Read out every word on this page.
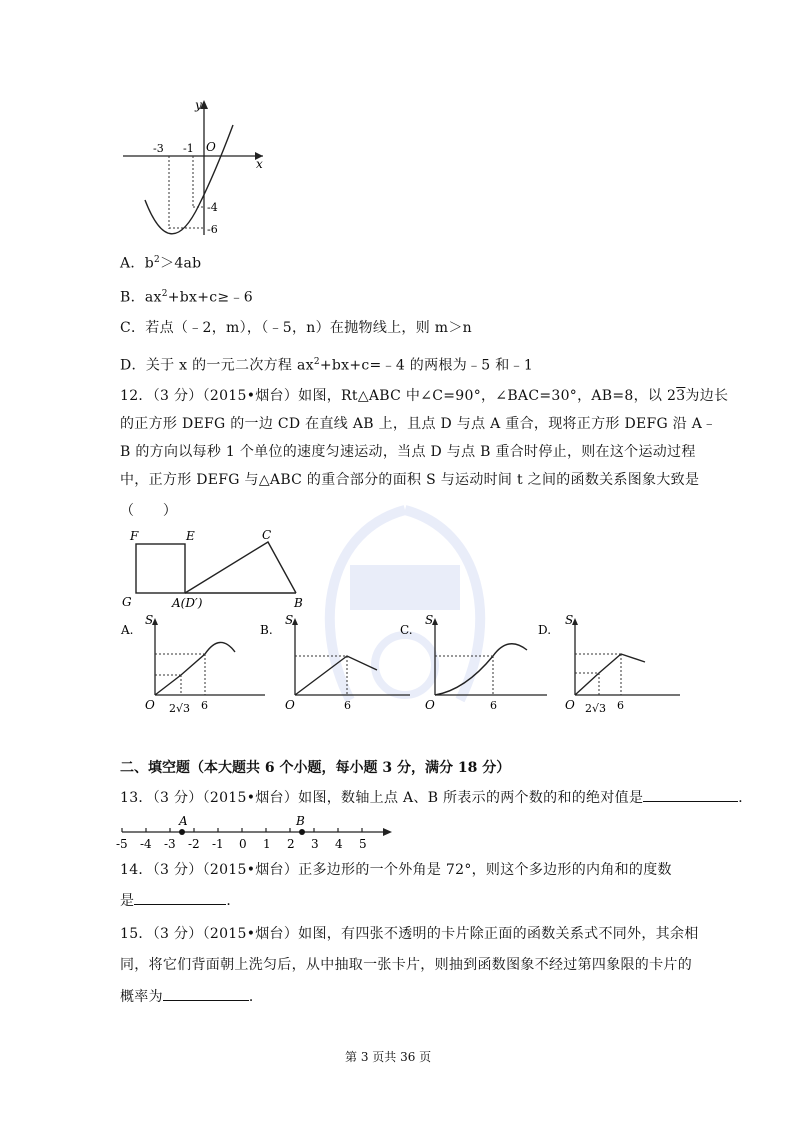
y
x
O
-3 -1
-4
-6
A．$b^2>4ab$
B．$ax^2+bx+c\ge﹣6$
C．若点（﹣2，m），（﹣5，n）在抛物线上，则 m＞n
D．关于 x 的一元二次方程 $ax^2+bx+c=﹣4$ 的两根为﹣5 和﹣1
12．（3 分）（2015•烟台）如图，Rt△ABC 中∠C=90°，∠BAC=30°，AB=8，以 23为边长
的正方形 DEFG 的一边 CD 在直线 AB 上，且点 D 与点 A 重合，现将正方形 DEFG 沿 A﹣
B 的方向以每秒 1 个单位的速度匀速运动，当点 D 与点 B 重合时停止，则在这个运动过程
中，正方形 DEFG 与△ABC 的重合部分的面积 S 与运动时间 t 之间的函数关系图象大致是
（　　）
F	E	C
G	A(D′)	B
A.
S
O 2√3 6
B.
S
O	6
C.
S
O	6
D.
S
O 2√3 6
二、填空题（本大题共 6 个小题，每小题 3 分，满分 18 分）
13．（3 分）（2015•烟台）如图，数轴上点 A、B 所表示的两个数的和的绝对值是	．
-5 -4 -3 -2 -1 0 1 2 3 4 5
A	B
14．（3 分）（2015•烟台）正多边形的一个外角是 72°，则这个多边形的内角和的度数
是	．
15．（3 分）（2015•烟台）如图，有四张不透明的卡片除正面的函数关系式不同外，其余相
同，将它们背面朝上洗匀后，从中抽取一张卡片，则抽到函数图象不经过第四象限的卡片的
概率为	．
第 3 页共 36 页
